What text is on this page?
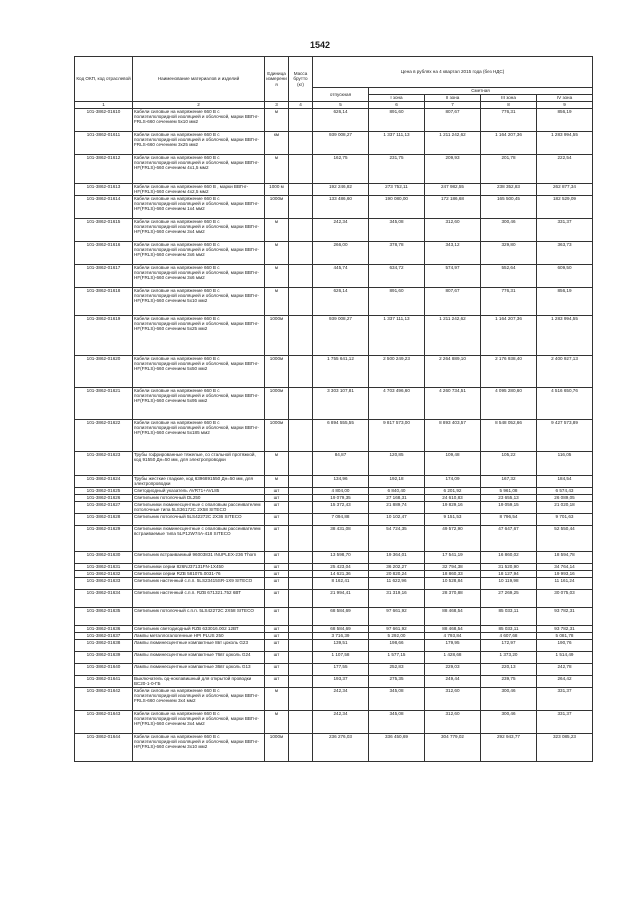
1542
Код ОКП, код отраслевой	Наименование материалов и изделий	Единица измерения	Масса брутто (кг)	Цена в рублях на 4 квартал 2015 года (без НДС)				
				отпускная	Сметная			
					I зона	II зона	III зона	IV зона
1	2	3	4	5	6	7	8	9
101-3862-01610	Кабели силовые на напряжение 660 В с полиэтилхлоридной изоляцией и оболочкой, марки ВВГнг-FRLS-660 сечением 5х10 мм2	м		626,14	891,60	807,67	776,31	856,19
101-3862-01611	Кабели силовые на напряжение 660 В с полиэтилхлоридной изоляцией и оболочкой, марки ВВГнг-FRLS-660 сечением 3х25 мм2	км		939 008,27	1 337 111,13	1 211 242,62	1 164 207,36	1 283 994,55
101-3862-01612	Кабели силовые на напряжение 660 В с полиэтилхлоридной изоляцией и оболочкой, марки ВВГнг-HF(FRLS)-660 сечением 4х1,5 мм2	м		162,75	231,75	209,93	201,78	222,54
101-3862-01613	Кабели силовые на напряжение 660 В , марки ВВГнг-HF(FRLS)-660 сечением 4х2,5 мм2	1000 м		192 246,82	273 752,11	247 982,55	238 352,83	262 877,34
101-3862-01614	Кабели силовые на напряжение 660 В с полиэтилхлоридной изоляцией и оболочкой, марки ВВГнг-HF(FRLS)-660 сечением 1х4 мм2	1000м		133 486,60	190 080,00	172 186,68	165 500,45	182 529,09
101-3862-01615	Кабели силовые на напряжение 660 В с полиэтилхлоридной изоляцией и оболочкой, марки ВВГнг-HF(FRLS)-660 сечением 3х4 мм2	м		242,34	345,08	312,60	300,46	331,37
101-3862-01616	Кабели силовые на напряжение 660 В с полиэтилхлоридной изоляцией и оболочкой, марки ВВГнг-HF(FRLS)-660 сечением 3х6 мм2	м		266,00	378,78	343,12	329,80	363,73
101-3862-01617	Кабели силовые на напряжение 660 В с полиэтилхлоридной изоляцией и оболочкой, марки ВВГнг-HF(FRLS)-660 сечением 3х6 мм2	м		445,74	634,72	574,97	552,64	609,50
101-3862-01618	Кабели силовые на напряжение 660 В с полиэтилхлоридной изоляцией и оболочкой, марки ВВГнг-HF(FRLS)-660 сечением 5х10 мм2	м		626,14	891,60	807,67	776,31	856,19
101-3862-01619	Кабели силовые на напряжение 660 В с полиэтилхлоридной изоляцией и оболочкой, марки ВВГнг-HF(FRLS)-660 сечением 5х25 мм2	1000м		939 008,27	1 337 111,13	1 211 242,62	1 164 207,36	1 283 994,55
101-3862-01620	Кабели силовые на напряжение 660 В с полиэтилхлоридной изоляцией и оболочкой, марки ВВГнг-HF(FRLS)-660 сечением 5х50 мм2	1000м		1 755 641,12	2 500 249,23	2 264 889,10	2 176 938,40	2 400 927,13
101-3862-01621	Кабели силовые на напряжение 660 В с полиэтилхлоридной изоляцией и оболочкой, марки ВВГнг-HF(FRLS)-660 сечением 5х95 мм2	1000м		3 303 107,81	4 703 496,60	4 260 734,51	4 095 280,60	4 516 650,76
101-3862-01622	Кабели силовые на напряжение 660 В с полиэтилхлоридной изоляцией и оболочкой, марки ВВГнг-HF(FRLS)-660 сечением 5х185 мм2	1000м		6 894 555,55	9 817 573,00	8 893 403,57	8 548 052,66	9 427 573,89
101-3862-01623	Трубы гофрированные тяжелые, со стальной протяжкой, код 91550 Дн=50 мм, для электропроводки	м		84,87	120,85	109,48	105,22	116,05
101-3862-01624	Трубы жесткие гладкие, код 6396891550 Дн=50 мм, для электропроводки	м		134,96	192,18	174,09	167,32	184,54
101-3862-01625	Светодиодный указатель AVR71+AVL85	шт		4 804,00	6 840,40	6 201,92	5 961,08	6 574,43
101-3862-01626	Светильник потолочный DL250	шт		19 079,35	27 168,31	24 610,83	23 655,13	26 089,05
101-3862-01627	Светильники люминесцентные с опаловым рассеивателем потолочные типа 5LS36172C 2Х58 SITECO	шт		15 372,43	21 889,74	19 829,16	19 059,15	21 020,18
101-3862-01628	Светильник потолочный 5LS42272C 2Х36 SITECO	шт		7 094,88	10 102,47	9 151,53	8 796,54	9 701,63
101-3862-01629	Светильники люминесцентные с опаловым рассеивателем встраиваемые типа 5LP12W74A-418 SITECO	шт		38 431,08	54 724,35	49 572,90	47 647,67	52 550,44
101-3862-01630	Светильник встраиваемый 96003831 INUPLEX-236 Thorn	шт		13 598,70	19 364,01	17 541,19	16 860,02	18 594,78
101-3862-01631	Светильники серии 826NJ37131FN-1Х450	шт		25 423,04	36 202,27	32 794,38	31 520,90	34 764,14
101-3862-01632	Светильники серии RZB 581075.0031-76	шт		14 621,36	20 820,24	18 860,33	18 127,94	19 993,16
101-3862-01633	Светильник настенный с.п.п. 5LS23415SR-1Х9 SITECO	шт		8 162,41	11 622,96	10 528,84	10 119,98	11 161,24
101-3862-01634	Светильник настенный с.п.п. RZB 671321.752 6ВТ	шт		21 994,41	31 319,16	28 370,88	27 269,25	30 075,03
101-3862-01635	Светильник потолочный с.п.п. 5LS42272C 2Х58 SITECO	шт		68 584,69	97 661,92	88 468,54	85 033,11	93 782,31
101-3862-01636	Светильник светодиодный RZB 633016.002 12ВТ	шт		68 584,69	97 661,92	88 468,54	85 033,11	93 782,31
101-3862-01637	Лампы металлогалогенные HPI PLUS 250	шт		3 716,39	5 292,00	4 793,84	4 607,68	5 081,78
101-3862-01638	Лампы люминесцентные компактные 8вт цоколь G23	шт		139,51	198,66	179,95	172,97	190,76
101-3862-01639	Лампы люминесцентные компактные 76вт цоколь G24	шт		1 107,58	1 577,15	1 428,68	1 373,20	1 514,49
101-3862-01640	Лампы люминесцентные компактные 36вт цоколь G13	шт		177,55	252,83	229,03	220,13	242,78
101-3862-01641	Выключатель од-ноклавишный для открытой проводки ВС20-1-0-ГБ	шт		193,37	275,35	249,44	239,75	264,42
101-3862-01642	Кабели силовые на напряжение 660 В с полиэтилхлоридной изоляцией и оболочкой, марки ВВГнг-FRLS-660 сечением 3х4 мм2	м		242,34	345,08	312,60	300,46	331,37
101-3862-01643	Кабели силовые на напряжение 660 В с полиэтилхлоридной изоляцией и оболочкой, марки ВВГнг-HF(FRLS)-660 сечением 3х4 мм2	м		242,34	345,08	312,60	300,46	331,37
101-3862-01644	Кабели силовые на напряжение 660 В с полиэтилхлоридной изоляцией и оболочкой, марки ВВГнг-HF(FRLS)-660 сечением 3х10 мм2	1000м		236 276,03	336 450,69	304 779,02	292 943,77	323 085,23
